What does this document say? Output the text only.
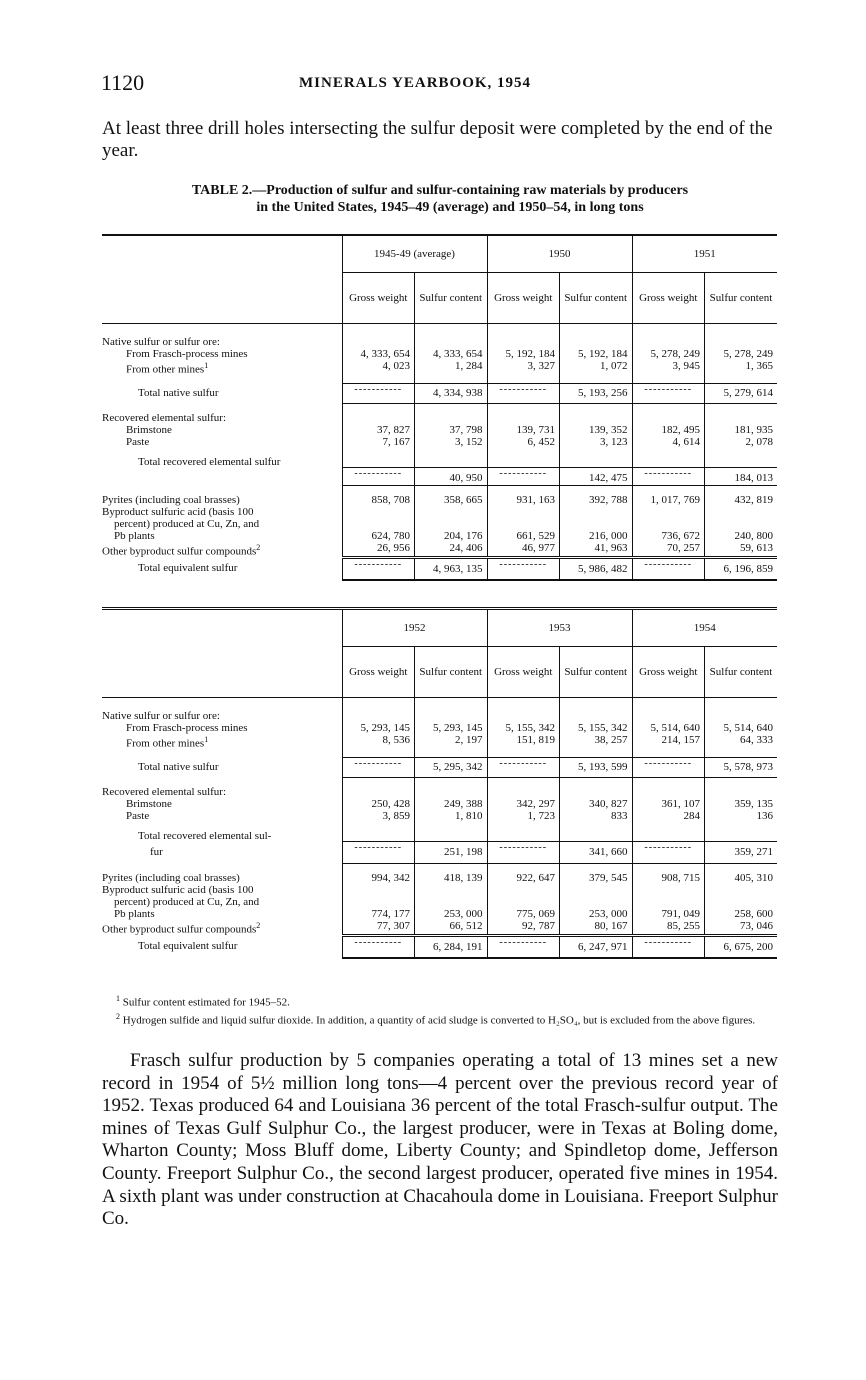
1120	MINERALS YEARBOOK, 1954
At least three drill holes intersecting the sulfur deposit were completed by the end of the year.
TABLE 2.—Production of sulfur and sulfur-containing raw materials by producers
in the United States, 1945–49 (average) and 1950–54, in long tons
	1945-49 (average)		1950		1951	
	Gross weight	Sulfur content	Gross weight	Sulfur content	Gross weight	Sulfur content
Native sulfur or sulfur ore:						
From Frasch-process mines	4, 333, 654	4, 333, 654	5, 192, 184	5, 192, 184	5, 278, 249	5, 278, 249
From other mines$^1$	4, 023	1, 284	3, 327	1, 072	3, 945	1, 365

Total native sulfur	-----------	4, 334, 938	-----------	5, 193, 256	-----------	5, 279, 614
Recovered elemental sulfur:						
Brimstone	37, 827	37, 798	139, 731	139, 352	182, 495	181, 935
Paste	7, 167	3, 152	6, 452	3, 123	4, 614	2, 078
Total recovered elemental sulfur						
	-----------	40, 950	-----------	142, 475	-----------	184, 013
Pyrites (including coal brasses)	858, 708	358, 665	931, 163	392, 788	1, 017, 769	432, 819

Byproduct sulfuric acid (basis 100
percent) produced at Cu, Zn, and
Pb plants	624, 780	204, 176	661, 529	216, 000	736, 672	240, 800
Other byproduct sulfur compounds$^2$	26, 956	24, 406	46, 977	41, 963	70, 257	59, 613
Total equivalent sulfur	-----------	4, 963, 135	-----------	5, 986, 482	-----------	6, 196, 859
	1952		1953		1954	
	Gross weight	Sulfur content	Gross weight	Sulfur content	Gross weight	Sulfur content
Native sulfur or sulfur ore:						
From Frasch-process mines	5, 293, 145	5, 293, 145	5, 155, 342	5, 155, 342	5, 514, 640	5, 514, 640
From other mines$^1$	8, 536	2, 197	151, 819	38, 257	214, 157	64, 333

Total native sulfur	-----------	5, 295, 342	-----------	5, 193, 599	-----------	5, 578, 973
Recovered elemental sulfur:						
Brimstone	250, 428	249, 388	342, 297	340, 827	361, 107	359, 135
Paste	3, 859	1, 810	1, 723	833	284	136
Total recovered elemental sul-						
fur	-----------	251, 198	-----------	341, 660	-----------	359, 271
Pyrites (including coal brasses)	994, 342	418, 139	922, 647	379, 545	908, 715	405, 310

Byproduct sulfuric acid (basis 100
percent) produced at Cu, Zn, and
Pb plants	774, 177	253, 000	775, 069	253, 000	791, 049	258, 600
Other byproduct sulfur compounds$^2$	77, 307	66, 512	92, 787	80, 167	85, 255	73, 046
Total equivalent sulfur	-----------	6, 284, 191	-----------	6, 247, 971	-----------	6, 675, 200
$^1$ Sulfur content estimated for 1945–52.
$^2$ Hydrogen sulfide and liquid sulfur dioxide. In addition, a quantity of acid sludge is converted to H₂SO₄, but is excluded from the above figures.
Frasch sulfur production by 5 companies operating a total of 13 mines set a new record in 1954 of 5½ million long tons—4 percent over the previous record year of 1952. Texas produced 64 and Louisiana 36 percent of the total Frasch-sulfur output. The mines of Texas Gulf Sulphur Co., the largest producer, were in Texas at Boling dome, Wharton County; Moss Bluff dome, Liberty County; and Spindletop dome, Jefferson County. Freeport Sulphur Co., the second largest producer, operated five mines in 1954. A sixth plant was under construction at Chacahoula dome in Louisiana. Freeport Sulphur Co.
